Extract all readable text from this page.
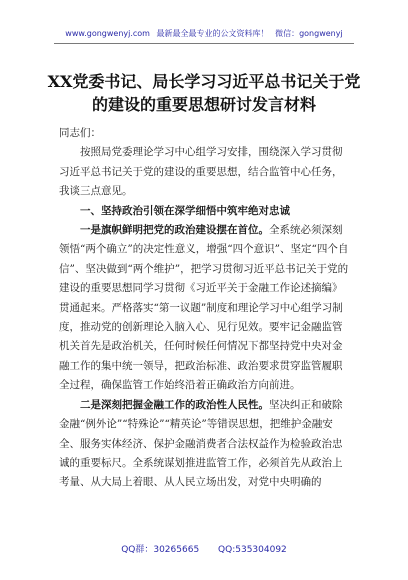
www.gongwenyj.com 最新最全最专业的公文资料库！ 微信：gongwenyj
XX党委书记、局长学习习近平总书记关于党的建设的重要思想研讨发言材料

同志们：

按照局党委理论学习中心组学习安排，围绕深入学习贯彻习近平总书记关于党的建设的重要思想，结合监管中心任务，我谈三点意见。

一、坚持政治引领在深学细悟中筑牢绝对忠诚

一是旗帜鲜明把党的政治建设摆在首位。全系统必须深刻领悟“两个确立”的决定性意义，增强“四个意识”、坚定“四个自信”、坚决做到“两个维护”，把学习贯彻习近平总书记关于党的建设的重要思想同学习贯彻《习近平关于金融工作论述摘编》贯通起来。严格落实“第一议题”制度和理论学习中心组学习制度，推动党的创新理论入脑入心、见行见效。要牢记金融监管机关首先是政治机关，任何时候任何情况下都坚持党中央对金融工作的集中统一领导，把政治标准、政治要求贯穿监管履职全过程，确保监管工作始终沿着正确政治方向前进。

二是深刻把握金融工作的政治性人民性。坚决纠正和破除金融“例外论”“特殊论”“精英论”等错误思想，把维护金融安全、服务实体经济、保护金融消费者合法权益作为检验政治忠诚的重要标尺。全系统谋划推进监管工作，必须首先从政治上考量、从大局上着眼、从人民立场出发，对党中央明确的

QQ群：30265665 QQ:535304092
